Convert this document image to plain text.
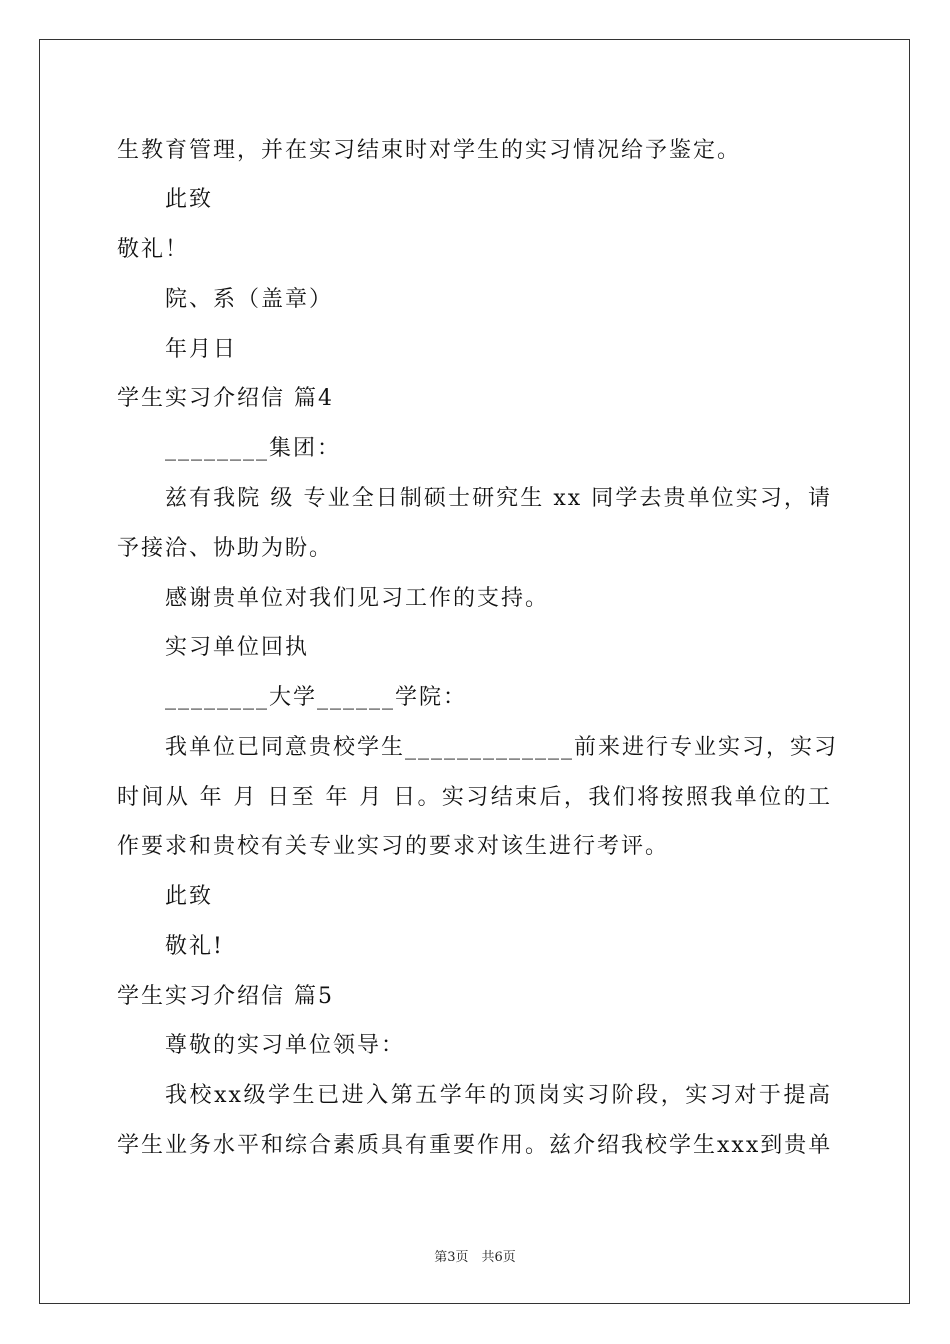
生教育管理，并在实习结束时对学生的实习情况给予鉴定。
此致
敬礼！
院、系（盖章）
年月日
学生实习介绍信 篇4
________集团：
兹有我院 级 专业全日制硕士研究生 xx 同学去贵单位实习，请
予接洽、协助为盼。
感谢贵单位对我们见习工作的支持。
实习单位回执
________大学______学院：
我单位已同意贵校学生_____________前来进行专业实习，实习
时间从 年 月 日至 年 月 日。实习结束后，我们将按照我单位的工
作要求和贵校有关专业实习的要求对该生进行考评。
此致
敬礼!
学生实习介绍信 篇5
尊敬的实习单位领导：
我校xx级学生已进入第五学年的顶岗实习阶段，实习对于提高
学生业务水平和综合素质具有重要作用。兹介绍我校学生xxx到贵单
第3页　共6页
